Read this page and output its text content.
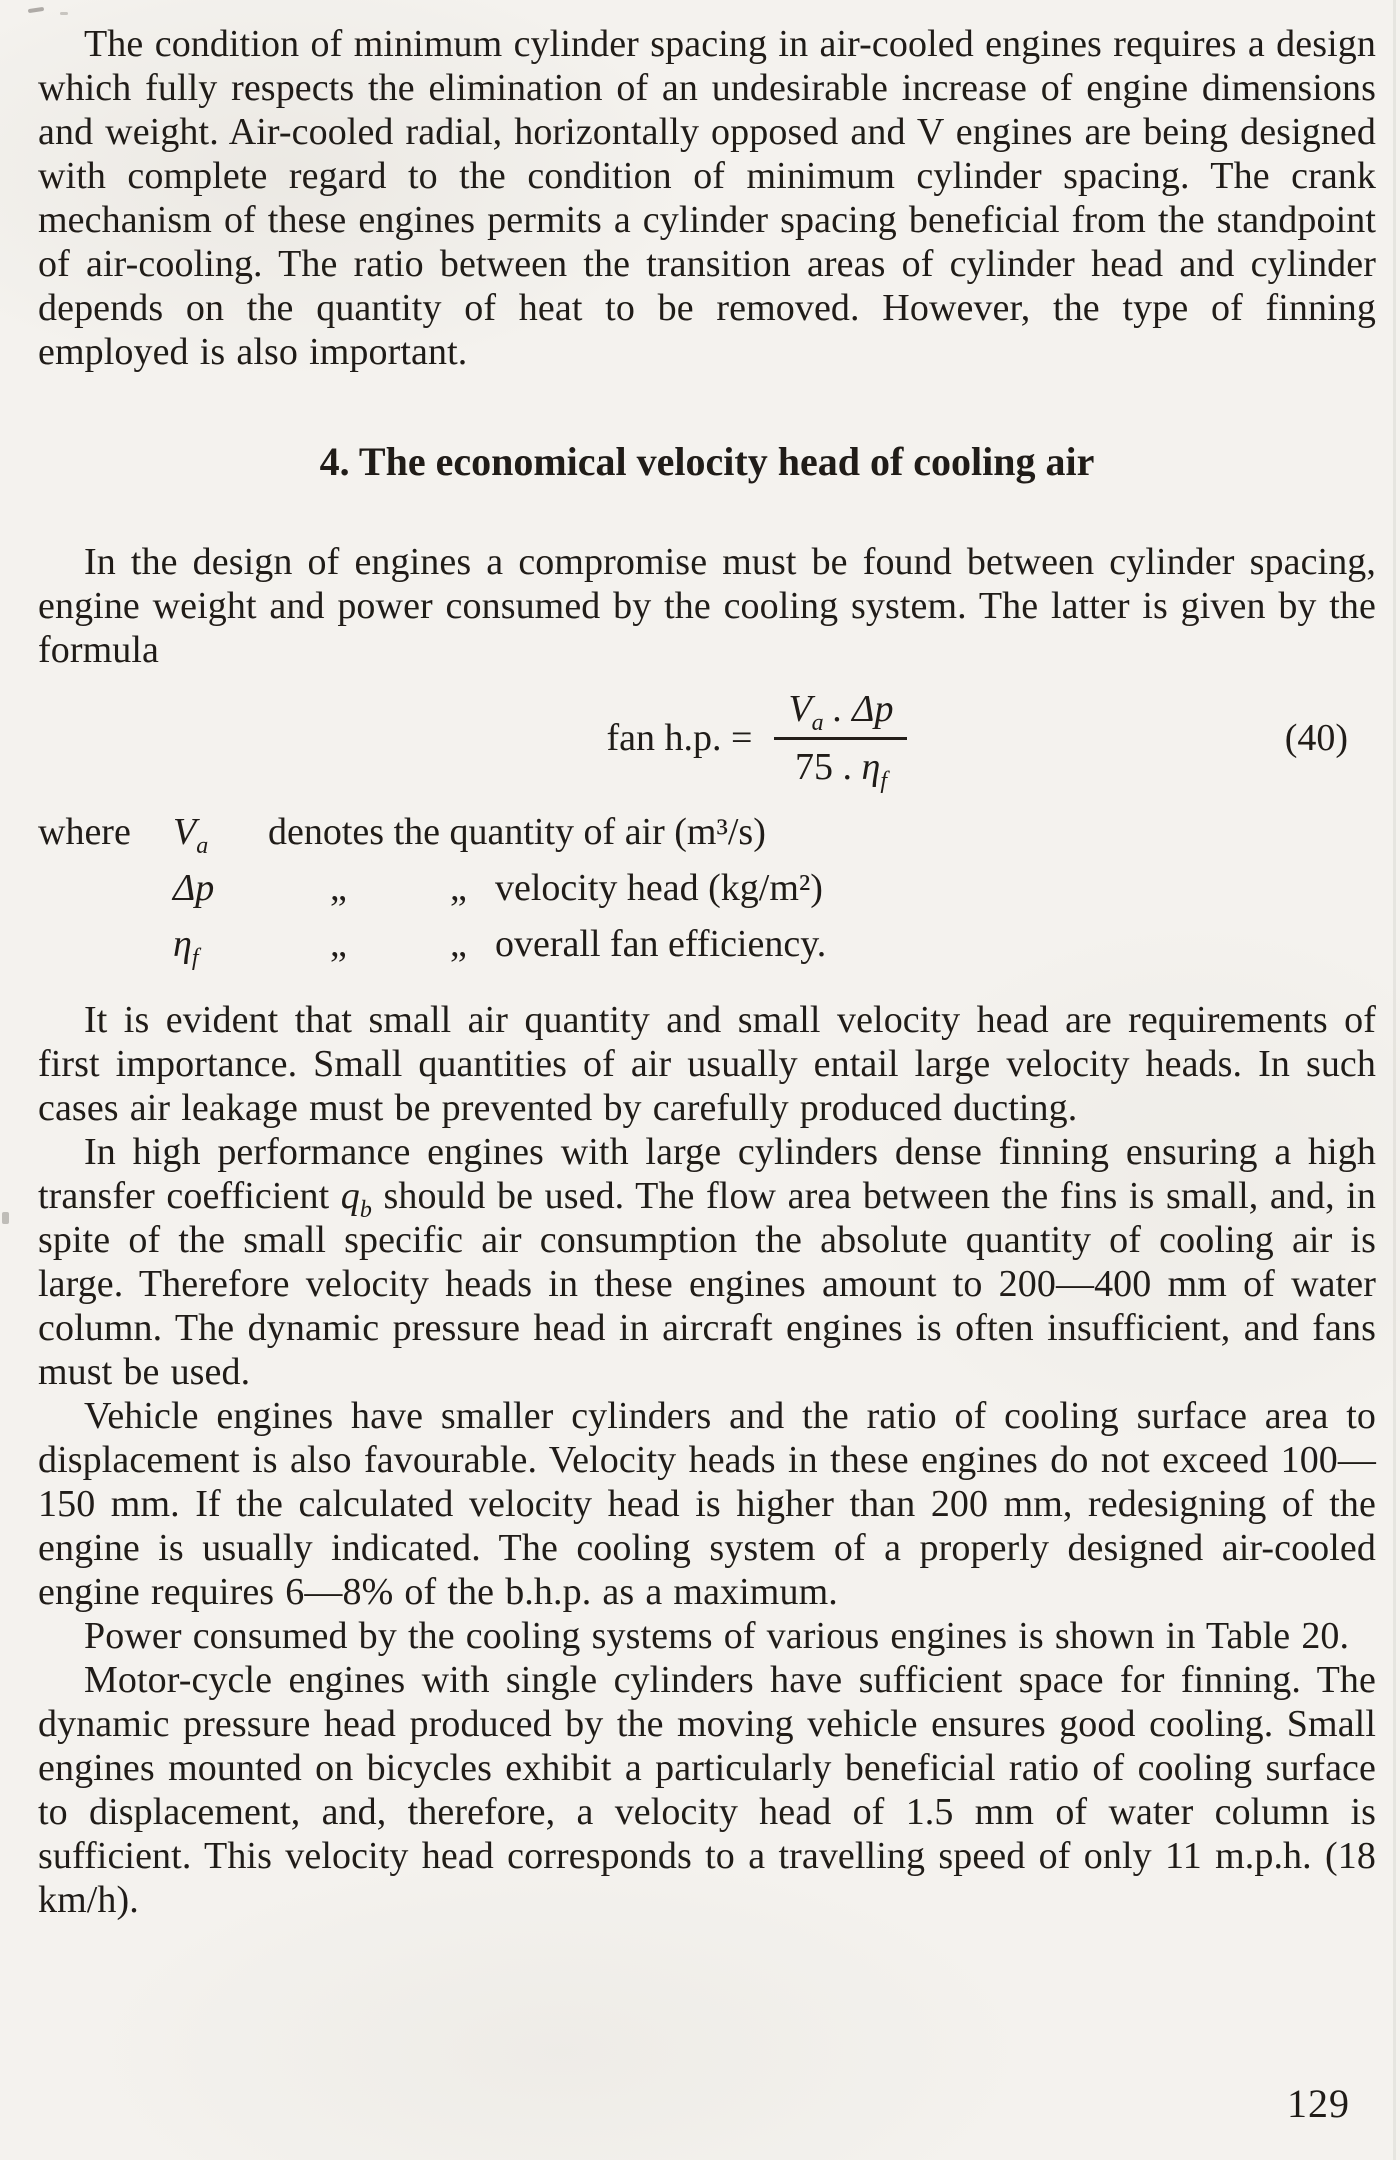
The condition of minimum cylinder spacing in air-cooled engines requires a design which fully respects the elimination of an undesirable increase of engine dimensions and weight. Air-cooled radial, horizontally opposed and V engines are being designed with complete regard to the condition of minimum cylinder spacing. The crank mechanism of these engines permits a cylinder spacing beneficial from the standpoint of air-cooling. The ratio between the transition areas of cylinder head and cylinder depends on the quantity of heat to be removed. However, the type of finning employed is also important.

4. The economical velocity head of cooling air

In the design of engines a compromise must be found between cylinder spacing, engine weight and power consumed by the cooling system. The latter is given by the formula

fan h.p. = $\frac{V_a . \Delta p}{75 . \eta_f}$	(40)
where	$V_a$	denotes the quantity of air (m³/s)
Δp	„	„ velocity head (kg/m²)
$\eta_f$	„	„ overall fan efficiency.

It is evident that small air quantity and small velocity head are requirements of first importance. Small quantities of air usually entail large velocity heads. In such cases air leakage must be prevented by carefully produced ducting.

In high performance engines with large cylinders dense finning ensuring a high transfer coefficient $q_b$ should be used. The flow area between the fins is small, and, in spite of the small specific air consumption the absolute quantity of cooling air is large. Therefore velocity heads in these engines amount to 200—400 mm of water column. The dynamic pressure head in aircraft engines is often insufficient, and fans must be used.

Vehicle engines have smaller cylinders and the ratio of cooling surface area to displacement is also favourable. Velocity heads in these engines do not exceed 100—150 mm. If the calculated velocity head is higher than 200 mm, redesigning of the engine is usually indicated. The cooling system of a properly designed air-cooled engine requires 6—8% of the b.h.p. as a maximum.

Power consumed by the cooling systems of various engines is shown in Table 20.

Motor-cycle engines with single cylinders have sufficient space for finning. The dynamic pressure head produced by the moving vehicle ensures good cooling. Small engines mounted on bicycles exhibit a particularly beneficial ratio of cooling surface to displacement, and, therefore, a velocity head of 1.5 mm of water column is sufficient. This velocity head corresponds to a travelling speed of only 11 m.p.h. (18 km/h).

129
